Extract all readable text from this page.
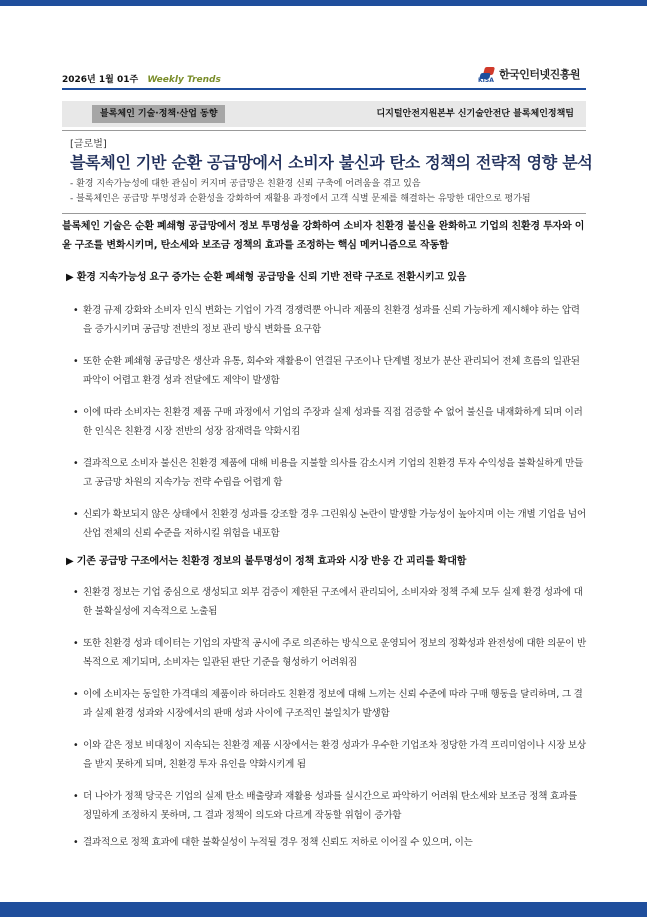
2026년 1월 01주 Weekly Trends	KISA 한국인터넷진흥원
블록체인 기술·정책·산업 동향	디지털안전지원본부 신기술안전단 블록체인정책팀
[글로벌]
블록체인 기반 순환 공급망에서 소비자 불신과 탄소 정책의 전략적 영향 분석
- 환경 지속가능성에 대한 관심이 커지며 공급망은 친환경 신뢰 구축에 어려움을 겪고 있음
- 블록체인은 공급망 투명성과 순환성을 강화하여 재활용 과정에서 고객 식별 문제를 해결하는 유망한 대안으로 평가됨
블록체인 기술은 순환 폐쇄형 공급망에서 정보 투명성을 강화하여 소비자 친환경 불신을 완화하고 기업의 친환경 투자와 이윤 구조를 변화시키며, 탄소세와 보조금 정책의 효과를 조정하는 핵심 메커니즘으로 작동함
▶ 환경 지속가능성 요구 증가는 순환 폐쇄형 공급망을 신뢰 기반 전략 구조로 전환시키고 있음
• 환경 규제 강화와 소비자 인식 변화는 기업이 가격 경쟁력뿐 아니라 제품의 친환경 성과를 신뢰 가능하게 제시해야 하는 압력을 증가시키며 공급망 전반의 정보 관리 방식 변화를 요구함
• 또한 순환 폐쇄형 공급망은 생산과 유통, 회수와 재활용이 연결된 구조이나 단계별 정보가 분산 관리되어 전체 흐름의 일관된 파악이 어렵고 환경 성과 전달에도 제약이 발생함
• 이에 따라 소비자는 친환경 제품 구매 과정에서 기업의 주장과 실제 성과를 직접 검증할 수 없어 불신을 내재화하게 되며 이러한 인식은 친환경 시장 전반의 성장 잠재력을 약화시킴
• 결과적으로 소비자 불신은 친환경 제품에 대해 비용을 지불할 의사를 감소시켜 기업의 친환경 투자 수익성을 불확실하게 만들고 공급망 차원의 지속가능 전략 수립을 어렵게 함
• 신뢰가 확보되지 않은 상태에서 친환경 성과를 강조할 경우 그린워싱 논란이 발생할 가능성이 높아지며 이는 개별 기업을 넘어 산업 전체의 신뢰 수준을 저하시킬 위험을 내포함
▶ 기존 공급망 구조에서는 친환경 정보의 불투명성이 정책 효과와 시장 반응 간 괴리를 확대함
• 친환경 정보는 기업 중심으로 생성되고 외부 검증이 제한된 구조에서 관리되어, 소비자와 정책 주체 모두 실제 환경 성과에 대한 불확실성에 지속적으로 노출됨
• 또한 친환경 성과 데이터는 기업의 자발적 공시에 주로 의존하는 방식으로 운영되어 정보의 정확성과 완전성에 대한 의문이 반복적으로 제기되며, 소비자는 일관된 판단 기준을 형성하기 어려워짐
• 이에 소비자는 동일한 가격대의 제품이라 하더라도 친환경 정보에 대해 느끼는 신뢰 수준에 따라 구매 행동을 달리하며, 그 결과 실제 환경 성과와 시장에서의 판매 성과 사이에 구조적인 불일치가 발생함
• 이와 같은 정보 비대칭이 지속되는 친환경 제품 시장에서는 환경 성과가 우수한 기업조차 정당한 가격 프리미엄이나 시장 보상을 받지 못하게 되며, 친환경 투자 유인을 약화시키게 됨
• 더 나아가 정책 당국은 기업의 실제 탄소 배출량과 재활용 성과를 실시간으로 파악하기 어려워 탄소세와 보조금 정책 효과를 정밀하게 조정하지 못하며, 그 결과 정책이 의도와 다르게 작동할 위험이 증가함
• 결과적으로 정책 효과에 대한 불확실성이 누적될 경우 정책 신뢰도 저하로 이어질 수 있으며, 이는
